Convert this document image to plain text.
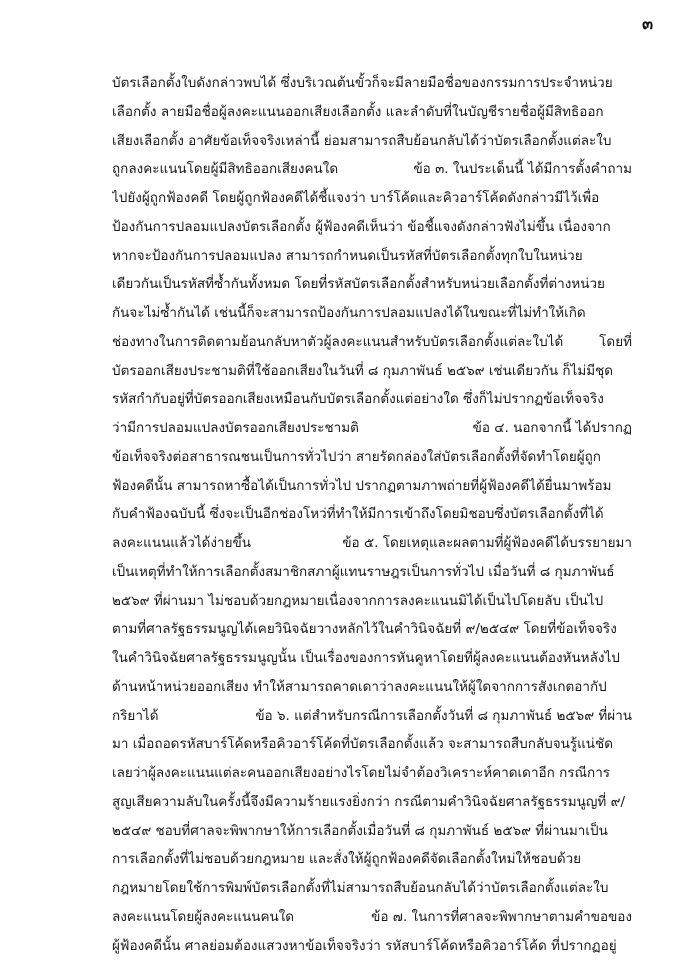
๓
บัตรเลือกตั้งใบดังกล่าวพบได้ ซึ่งบริเวณต้นขั้วก็จะมีลายมือชื่อของกรรมการประจำหน่วย
เลือกตั้ง ลายมือชื่อผู้ลงคะแนนออกเสียงเลือกตั้ง และลำดับที่ในบัญชีรายชื่อผู้มีสิทธิออก
เสียงเลือกตั้ง อาศัยข้อเท็จจริงเหล่านี้ ย่อมสามารถสืบย้อนกลับได้ว่าบัตรเลือกตั้งแต่ละใบ
ถูกลงคะแนนโดยผู้มีสิทธิออกเสียงคนใด	ข้อ ๓. ในประเด็นนี้ ได้มีการตั้งคำถาม
ไปยังผู้ถูกฟ้องคดี โดยผู้ถูกฟ้องคดีได้ชี้แจงว่า บาร์โค้ดและคิวอาร์โค้ดดังกล่าวมีไว้เพื่อ
ป้องกันการปลอมแปลงบัตรเลือกตั้ง ผู้ฟ้องคดีเห็นว่า ข้อชี้แจงดังกล่าวฟังไม่ขึ้น เนื่องจาก
หากจะป้องกันการปลอมแปลง สามารถกำหนดเป็นรหัสที่บัตรเลือกตั้งทุกใบในหน่วย
เดียวกันเป็นรหัสที่ซ้ำกันทั้งหมด โดยที่รหัสบัตรเลือกตั้งสำหรับหน่วยเลือกตั้งที่ต่างหน่วย
กันจะไม่ซ้ำกันได้ เช่นนี้ก็จะสามารถป้องกันการปลอมแปลงได้ในขณะที่ไม่ทำให้เกิด
ช่องทางในการติดตามย้อนกลับหาตัวผู้ลงคะแนนสำหรับบัตรเลือกตั้งแต่ละใบได้	โดยที่
บัตรออกเสียงประชามติที่ใช้ออกเสียงในวันที่ ๘ กุมภาพันธ์ ๒๕๖๙ เช่นเดียวกัน ก็ไม่มีชุด
รหัสกำกับอยู่ที่บัตรออกเสียงเหมือนกับบัตรเลือกตั้งแต่อย่างใด ซึ่งก็ไม่ปรากฏข้อเท็จจริง
ว่ามีการปลอมแปลงบัตรออกเสียงประชามติ	ข้อ ๔. นอกจากนี้ ได้ปรากฏ
ข้อเท็จจริงต่อสาธารณชนเป็นการทั่วไปว่า สายรัดกล่องใส่บัตรเลือกตั้งที่จัดทำโดยผู้ถูก
ฟ้องคดีนั้น สามารถหาซื้อได้เป็นการทั่วไป ปรากฏตามภาพถ่ายที่ผู้ฟ้องคดีได้ยื่นมาพร้อม
กับคำฟ้องฉบับนี้ ซึ่งจะเป็นอีกช่องโหว่ที่ทำให้มีการเข้าถึงโดยมิชอบซึ่งบัตรเลือกตั้งที่ได้
ลงคะแนนแล้วได้ง่ายขึ้น	ข้อ ๕. โดยเหตุและผลตามที่ผู้ฟ้องคดีได้บรรยายมา
เป็นเหตุที่ทำให้การเลือกตั้งสมาชิกสภาผู้แทนราษฎรเป็นการทั่วไป เมื่อวันที่ ๘ กุมภาพันธ์
๒๕๖๙ ที่ผ่านมา ไม่ชอบด้วยกฎหมายเนื่องจากการลงคะแนนมิได้เป็นไปโดยลับ เป็นไป
ตามที่ศาลรัฐธรรมนูญได้เคยวินิจฉัยวางหลักไว้ในคำวินิจฉัยที่ ๙/๒๕๔๙ โดยที่ข้อเท็จจริง
ในคำวินิจฉัยศาลรัฐธรรมนูญนั้น เป็นเรื่องของการหันคูหาโดยที่ผู้ลงคะแนนต้องหันหลังไป
ด้านหน้าหน่วยออกเสียง ทำให้สามารถคาดเดาว่าลงคะแนนให้ผู้ใดจากการสังเกตอากัป
กริยาได้	ข้อ ๖. แต่สำหรับกรณีการเลือกตั้งวันที่ ๘ กุมภาพันธ์ ๒๕๖๙ ที่ผ่าน
มา เมื่อถอดรหัสบาร์โค้ดหรือคิวอาร์โค้ดที่บัตรเลือกตั้งแล้ว จะสามารถสืบกลับจนรู้แน่ชัด
เลยว่าผู้ลงคะแนนแต่ละคนออกเสียงอย่างไรโดยไม่จำต้องวิเคราะห์คาดเดาอีก กรณีการ
สูญเสียความลับในครั้งนี้จึงมีความร้ายแรงยิ่งกว่า กรณีตามคำวินิจฉัยศาลรัฐธรรมนูญที่ ๙/
๒๕๔๙ ชอบที่ศาลจะพิพากษาให้การเลือกตั้งเมื่อวันที่ ๘ กุมภาพันธ์ ๒๕๖๙ ที่ผ่านมาเป็น
การเลือกตั้งที่ไม่ชอบด้วยกฎหมาย และสั่งให้ผู้ถูกฟ้องคดีจัดเลือกตั้งใหม่ให้ชอบด้วย
กฎหมายโดยใช้การพิมพ์บัตรเลือกตั้งที่ไม่สามารถสืบย้อนกลับได้ว่าบัตรเลือกตั้งแต่ละใบ
ลงคะแนนโดยผู้ลงคะแนนคนใด	ข้อ ๗. ในการที่ศาลจะพิพากษาตามคำขอของ
ผู้ฟ้องคดีนั้น ศาลย่อมต้องแสวงหาข้อเท็จจริงว่า รหัสบาร์โค้ดหรือคิวอาร์โค้ด ที่ปรากฏอยู่
